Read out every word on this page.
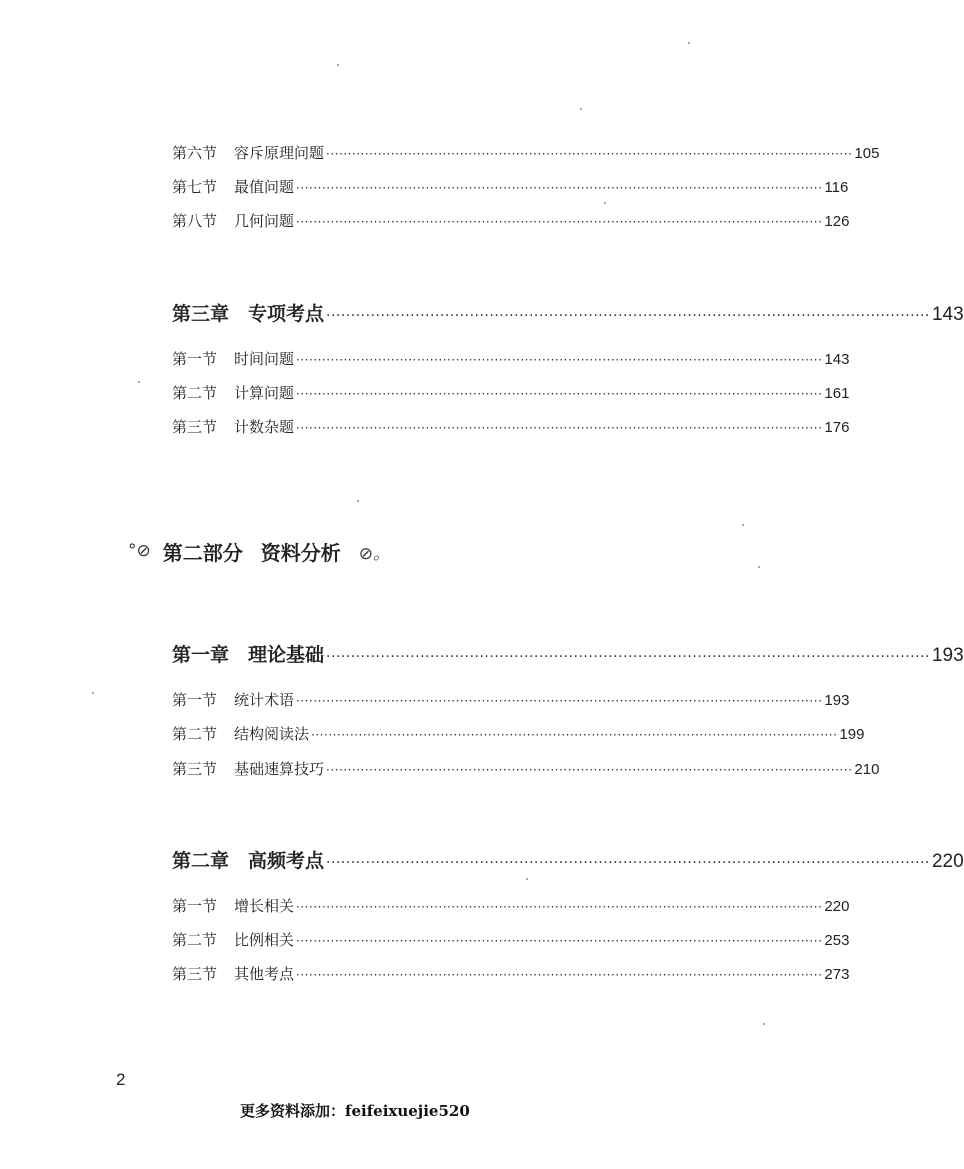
第六节	容斥原理问题 ·························································································································· 105
第七节	最值问题 ·························································································································· 116
第八节	几何问题 ·························································································································· 126
第三章 专项考点 ·························································································································· 143
第一节	时间问题 ·························································································································· 143
第二节	计算问题 ·························································································································· 161
第三节	计数杂题 ·························································································································· 176
°⊘ 第二部分 资料分析 ⊘。
第一章 理论基础 ·························································································································· 193
第一节	统计术语 ·························································································································· 193
第二节	结构阅读法 ·························································································································· 199
第三节	基础速算技巧 ·························································································································· 210
第二章 高频考点 ·························································································································· 220
第一节	增长相关 ·························································································································· 220
第二节	比例相关 ·························································································································· 253
第三节	其他考点 ·························································································································· 273
2
更多资料添加：feifeixuejie520
